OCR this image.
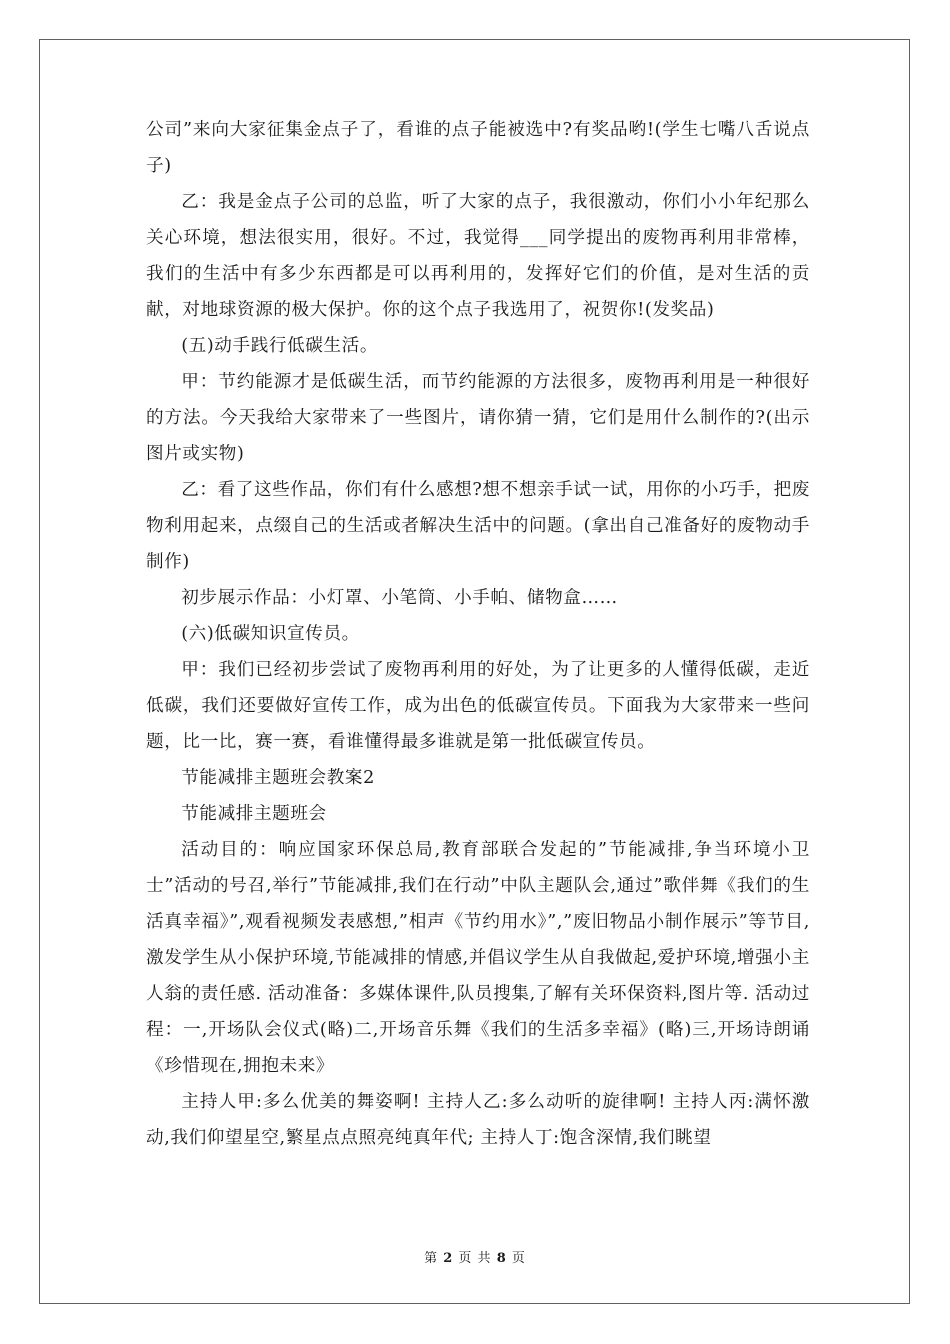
公司”来向大家征集金点子了，看谁的点子能被选中?有奖品哟!(学生七嘴八舌说点子)

乙：我是金点子公司的总监，听了大家的点子，我很激动，你们小小年纪那么关心环境，想法很实用，很好。不过，我觉得___同学提出的废物再利用非常棒，我们的生活中有多少东西都是可以再利用的，发挥好它们的价值，是对生活的贡献，对地球资源的极大保护。你的这个点子我选用了，祝贺你!(发奖品)

(五)动手践行低碳生活。

甲：节约能源才是低碳生活，而节约能源的方法很多，废物再利用是一种很好的方法。今天我给大家带来了一些图片，请你猜一猜，它们是用什么制作的?(出示图片或实物)

乙：看了这些作品，你们有什么感想?想不想亲手试一试，用你的小巧手，把废物利用起来，点缀自己的生活或者解决生活中的问题。(拿出自己准备好的废物动手制作)

初步展示作品：小灯罩、小笔筒、小手帕、储物盒……

(六)低碳知识宣传员。

甲：我们已经初步尝试了废物再利用的好处，为了让更多的人懂得低碳，走近低碳，我们还要做好宣传工作，成为出色的低碳宣传员。下面我为大家带来一些问题，比一比，赛一赛，看谁懂得最多谁就是第一批低碳宣传员。

节能减排主题班会教案2

节能减排主题班会

活动目的：响应国家环保总局,教育部联合发起的”节能减排,争当环境小卫士”活动的号召,举行”节能减排,我们在行动”中队主题队会,通过”歌伴舞《我们的生活真幸福》”,观看视频发表感想,”相声《节约用水》”,”废旧物品小制作展示”等节目,激发学生从小保护环境,节能减排的情感,并倡议学生从自我做起,爱护环境,增强小主人翁的责任感. 活动准备：多媒体课件,队员搜集,了解有关环保资料,图片等. 活动过程：一,开场队会仪式(略)二,开场音乐舞《我们的生活多幸福》(略)三,开场诗朗诵《珍惜现在,拥抱未来》

主持人甲:多么优美的舞姿啊! 主持人乙:多么动听的旋律啊! 主持人丙:满怀激动,我们仰望星空,繁星点点照亮纯真年代; 主持人丁:饱含深情,我们眺望

第 2 页 共 8 页
